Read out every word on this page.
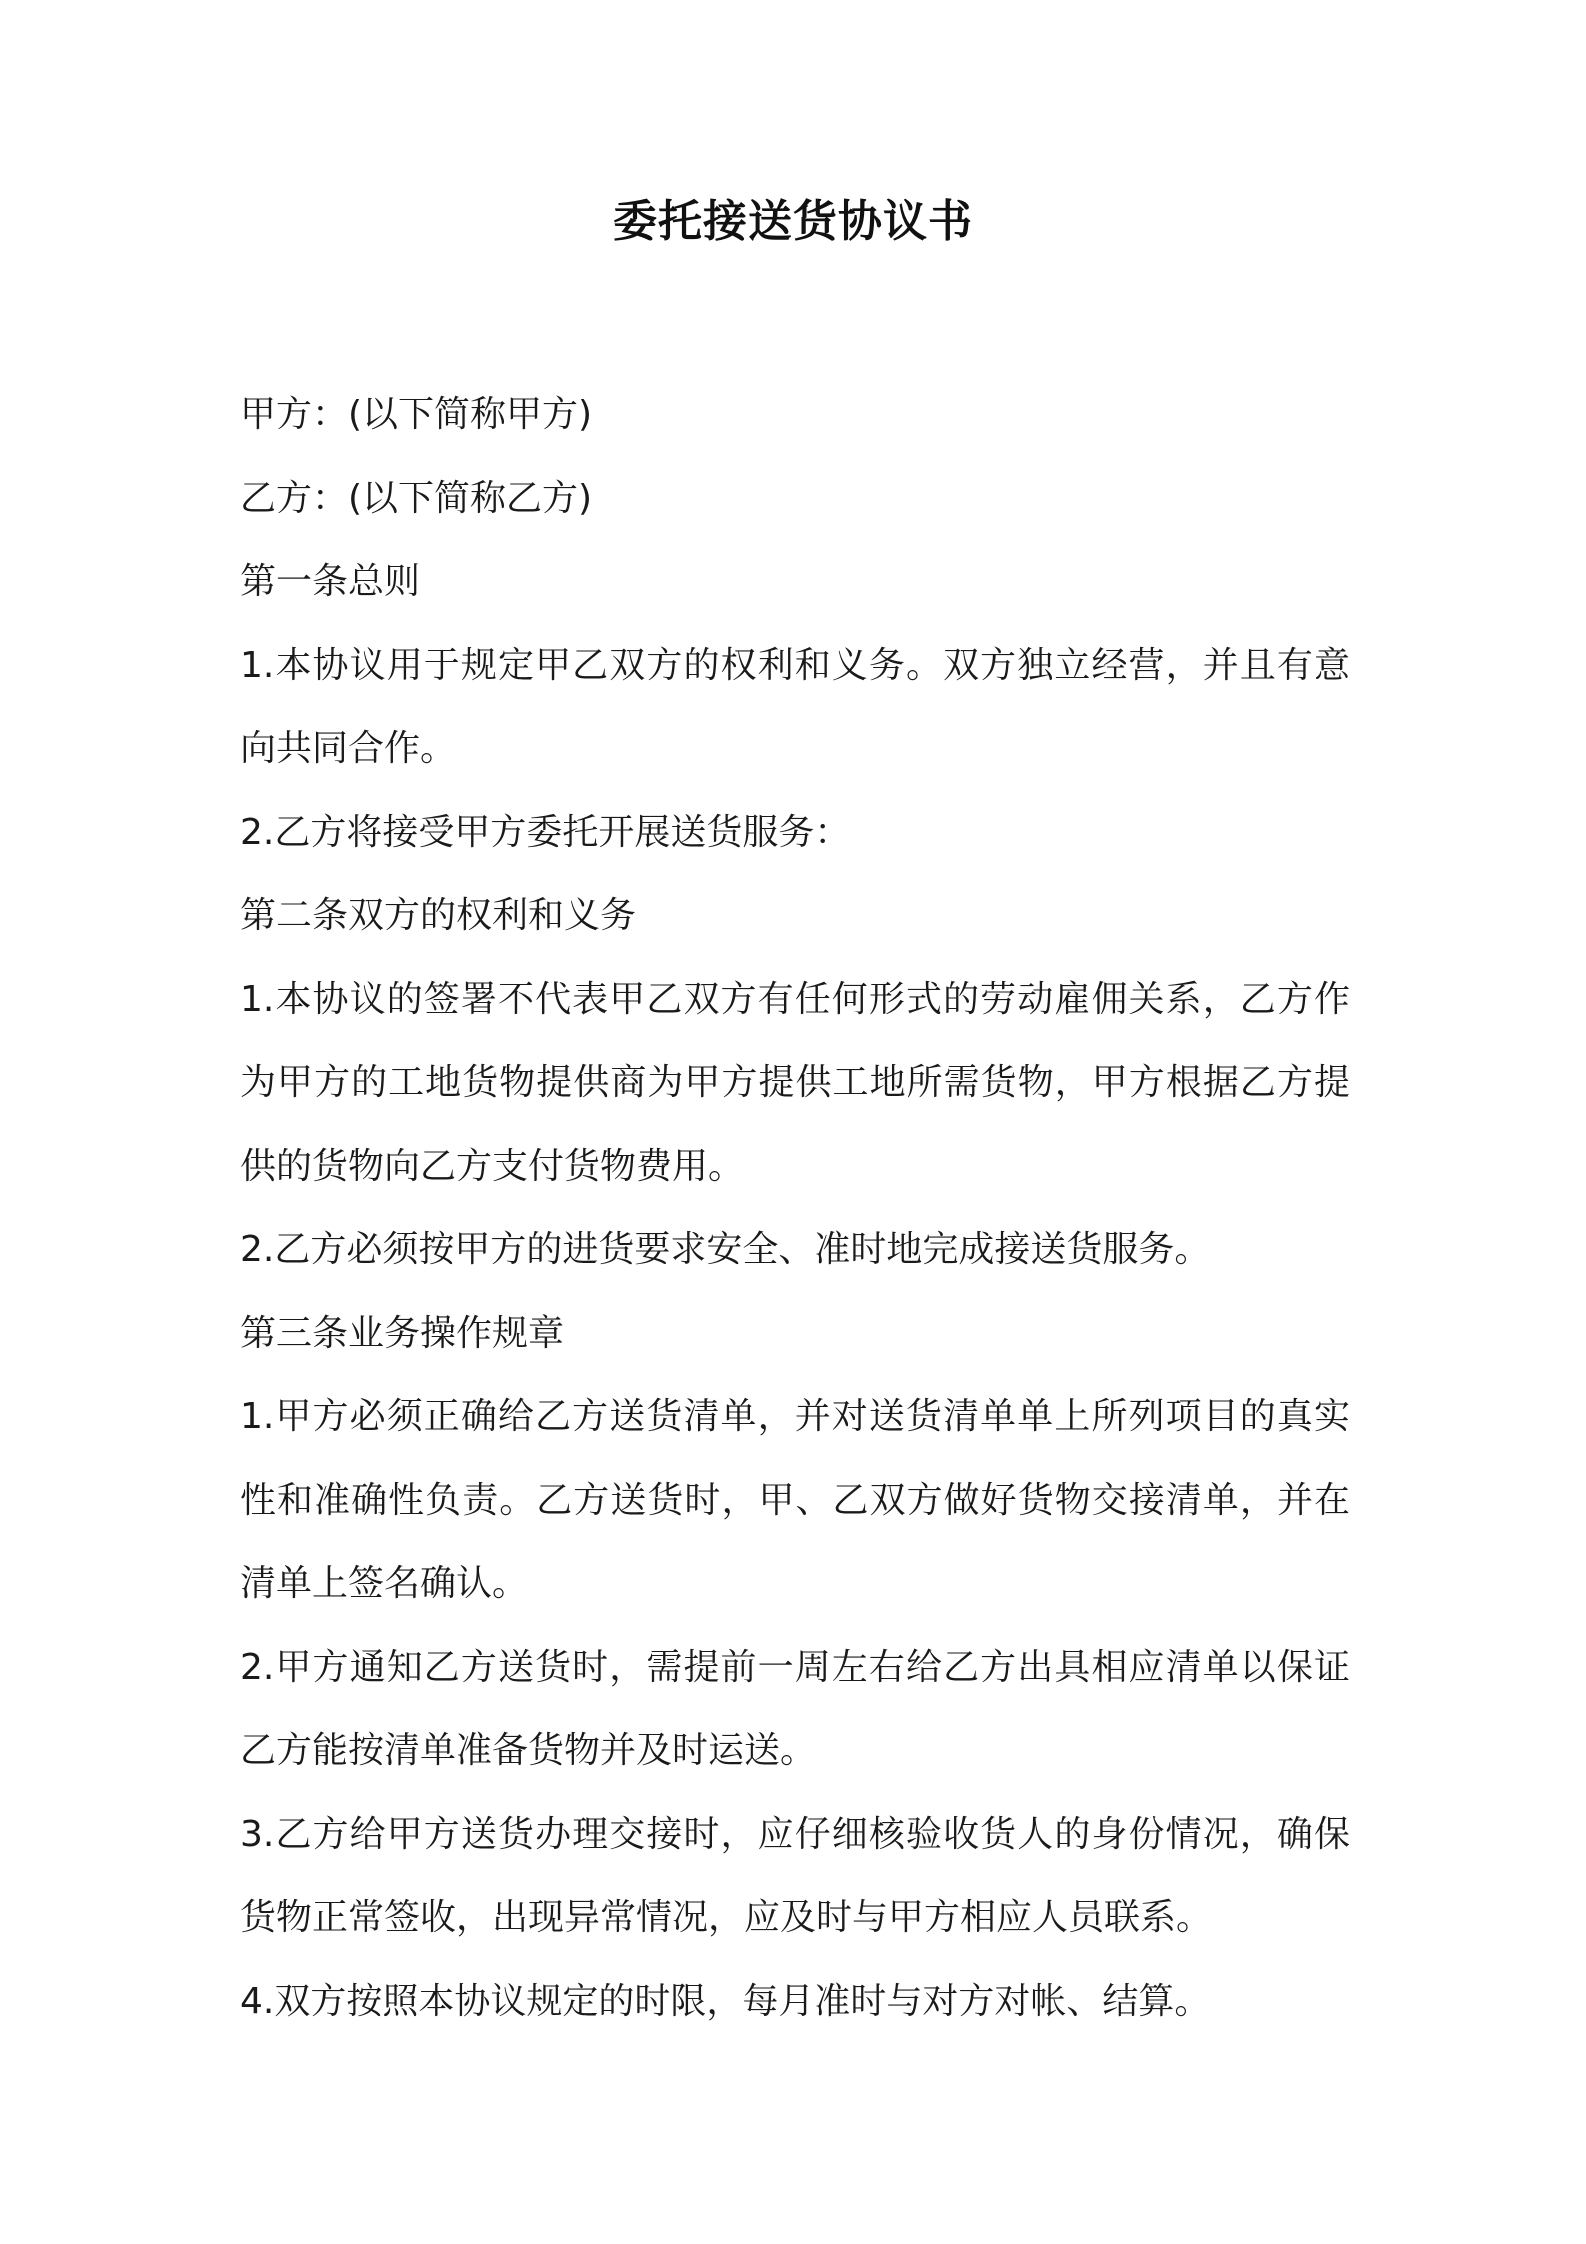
委托接送货协议书
甲方：(以下简称甲方)
乙方：(以下简称乙方)
第一条总则
1.本协议用于规定甲乙双方的权利和义务。双方独立经营，并且有意向共同合作。
2.乙方将接受甲方委托开展送货服务：
第二条双方的权利和义务
1.本协议的签署不代表甲乙双方有任何形式的劳动雇佣关系，乙方作为甲方的工地货物提供商为甲方提供工地所需货物，甲方根据乙方提供的货物向乙方支付货物费用。
2.乙方必须按甲方的进货要求安全、准时地完成接送货服务。
第三条业务操作规章
1.甲方必须正确给乙方送货清单，并对送货清单单上所列项目的真实性和准确性负责。乙方送货时，甲、乙双方做好货物交接清单，并在清单上签名确认。
2.甲方通知乙方送货时，需提前一周左右给乙方出具相应清单以保证乙方能按清单准备货物并及时运送。
3.乙方给甲方送货办理交接时，应仔细核验收货人的身份情况，确保货物正常签收，出现异常情况，应及时与甲方相应人员联系。
4.双方按照本协议规定的时限，每月准时与对方对帐、结算。
